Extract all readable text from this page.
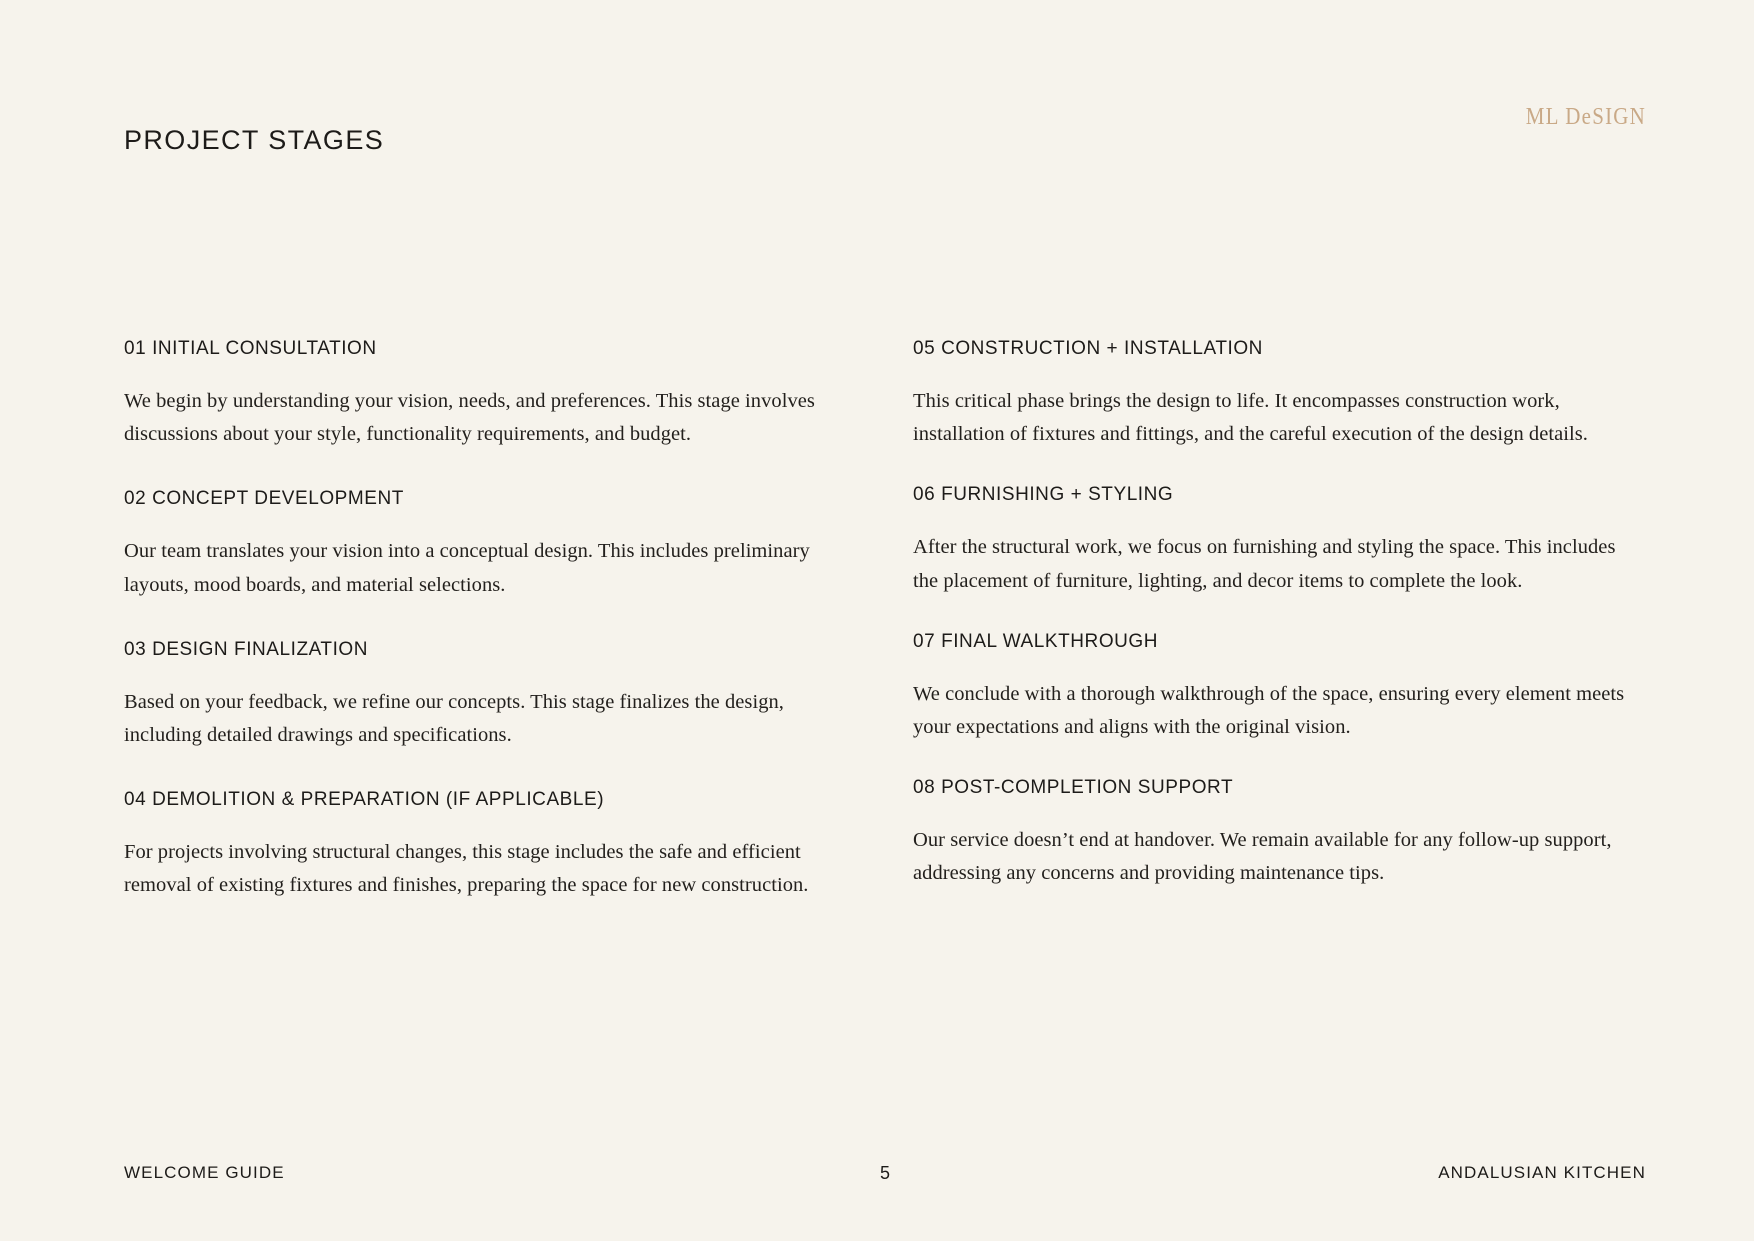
PROJECT STAGES
ML DeSIGN
01 INITIAL CONSULTATION
We begin by understanding your vision, needs, and preferences. This stage involves discussions about your style, functionality requirements, and budget.
02 CONCEPT DEVELOPMENT
Our team translates your vision into a conceptual design. This includes preliminary layouts, mood boards, and material selections.
03 DESIGN FINALIZATION
Based on your feedback, we refine our concepts. This stage finalizes the design, including detailed drawings and specifications.
04 DEMOLITION & PREPARATION (IF APPLICABLE)
For projects involving structural changes, this stage includes the safe and efficient removal of existing fixtures and finishes, preparing the space for new construction.
05 CONSTRUCTION + INSTALLATION
This critical phase brings the design to life. It encompasses construction work, installation of fixtures and fittings, and the careful execution of the design details.
06 FURNISHING + STYLING
After the structural work, we focus on furnishing and styling the space. This includes the placement of furniture, lighting, and decor items to complete the look.
07 FINAL WALKTHROUGH
We conclude with a thorough walkthrough of the space, ensuring every element meets your expectations and aligns with the original vision.
08 POST-COMPLETION SUPPORT
Our service doesn’t end at handover. We remain available for any follow-up support, addressing any concerns and providing maintenance tips.
WELCOME GUIDE	5	ANDALUSIAN KITCHEN
